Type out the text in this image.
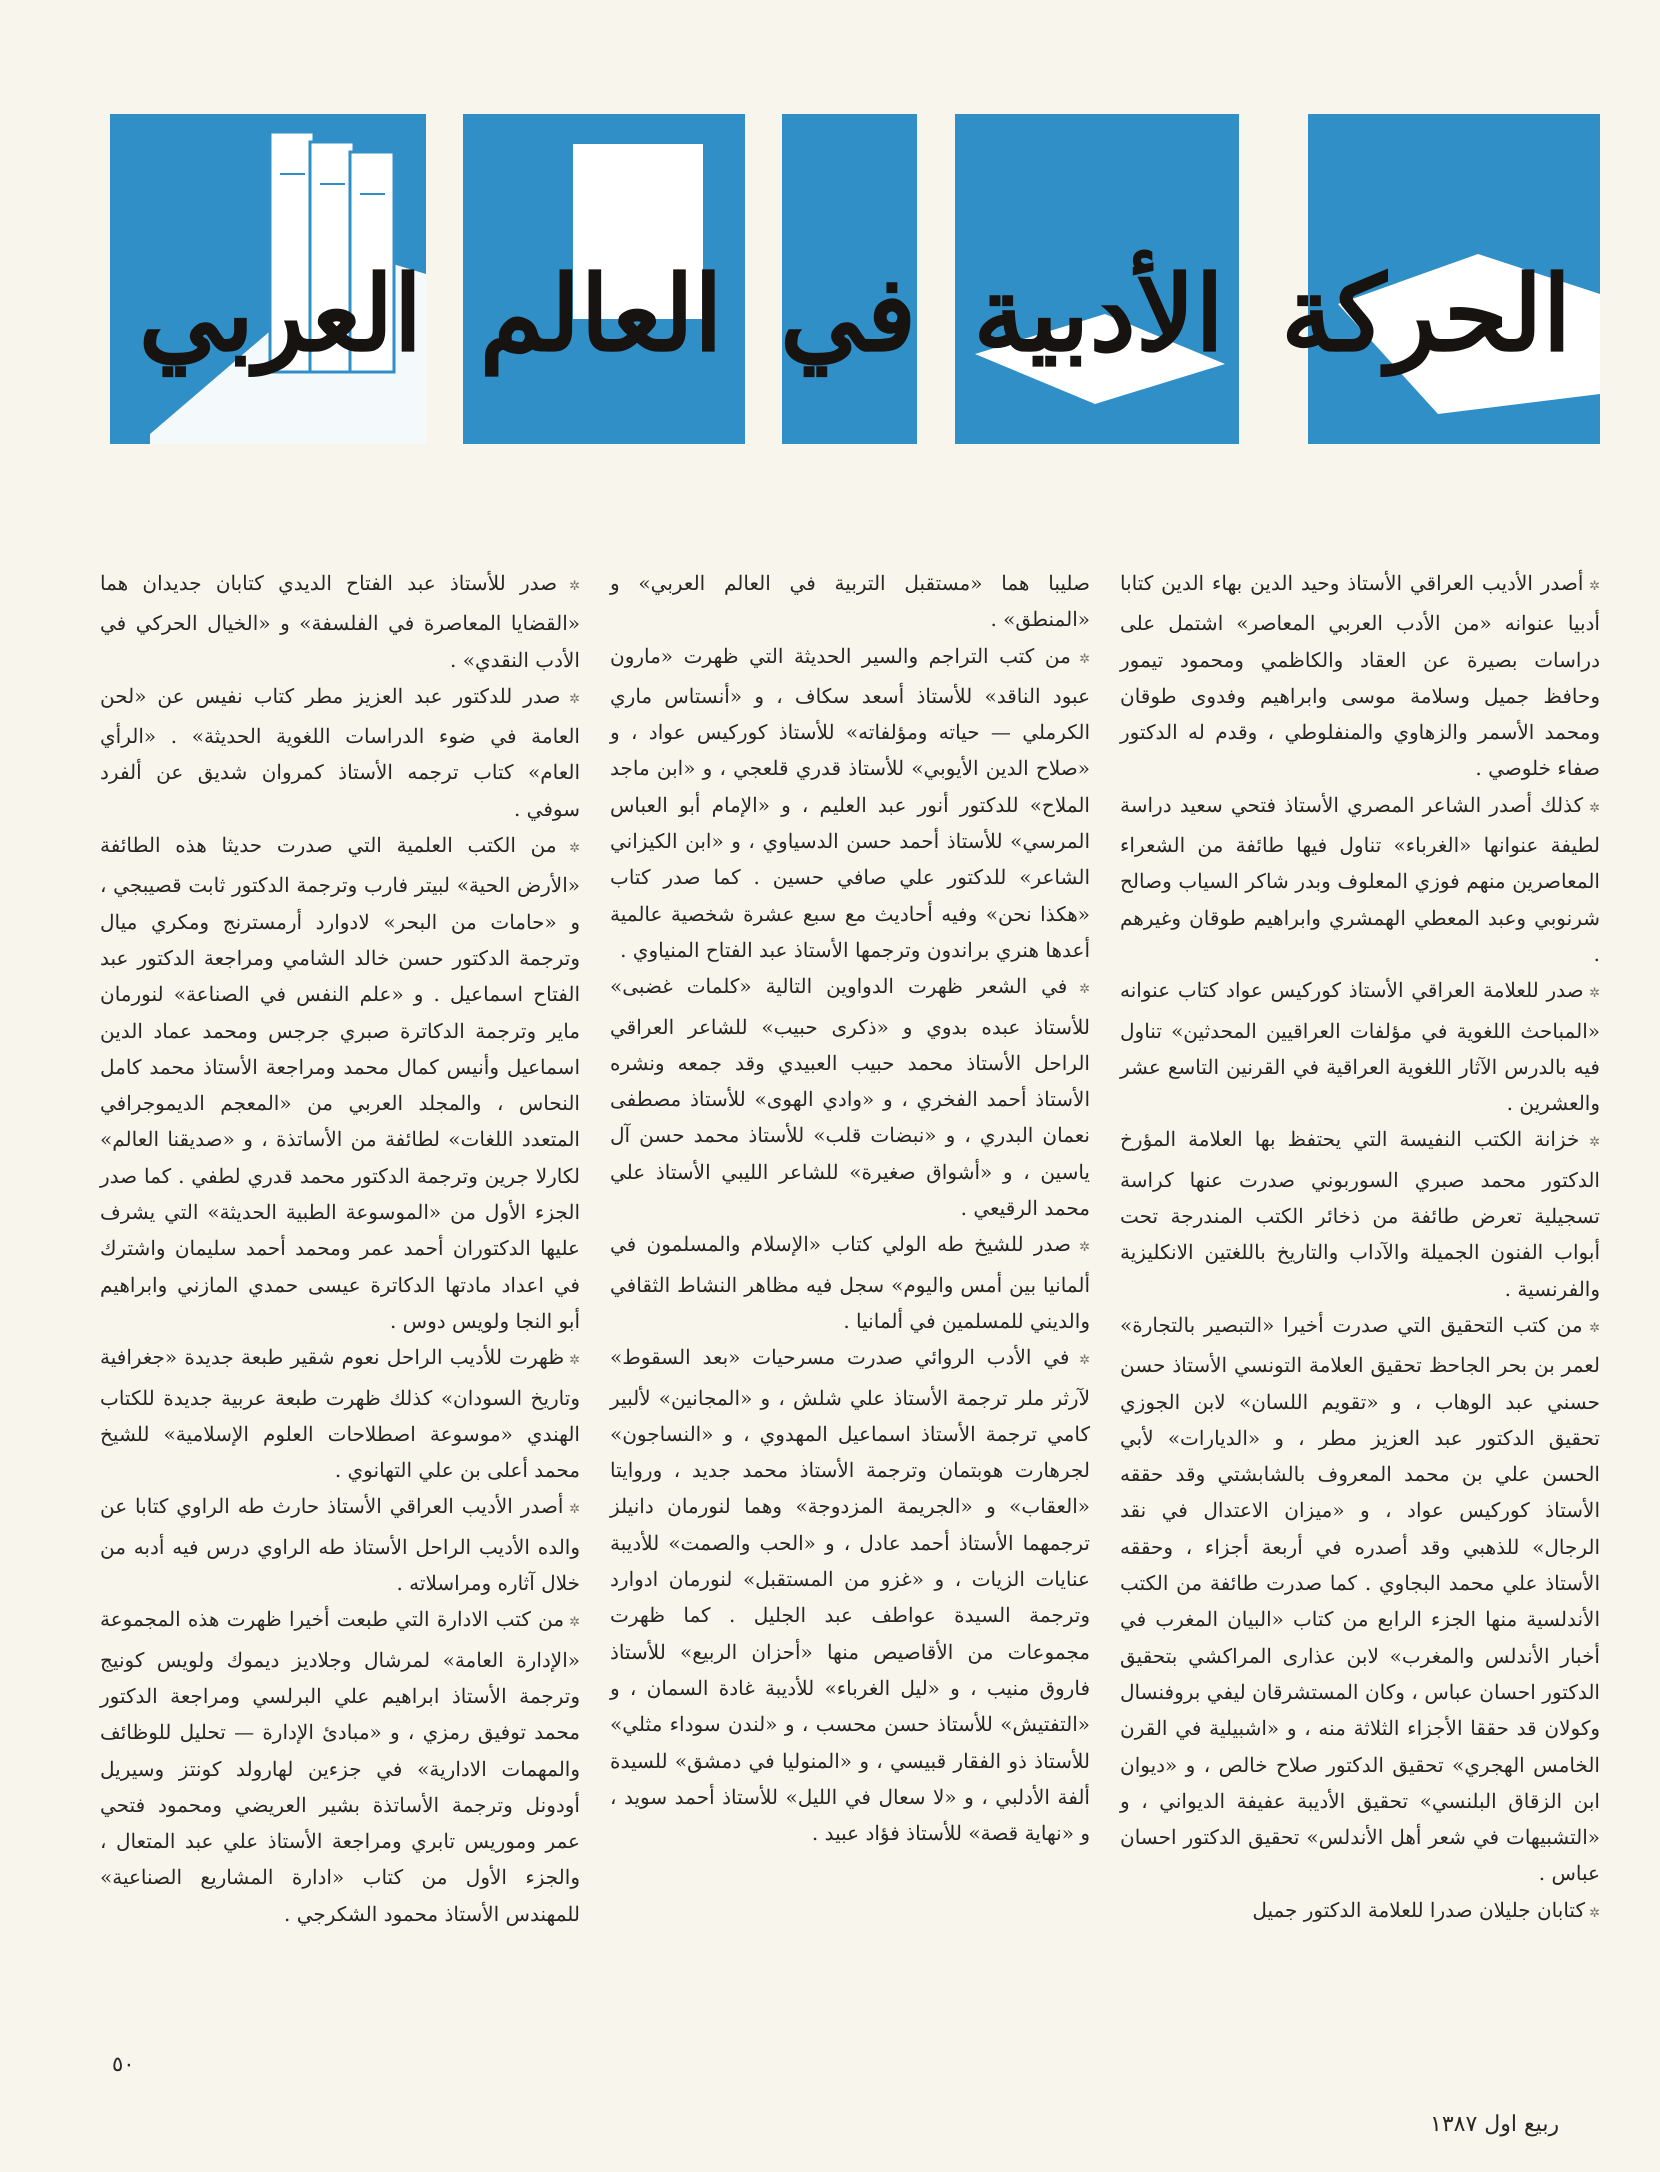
الحركة
الأدبية
في
العالم
العربي

✲ أصدر الأديب العراقي الأستاذ وحيد الدين بهاء الدين كتابا أدبيا عنوانه «من الأدب العربي المعاصر» اشتمل على دراسات بصيرة عن العقاد والكاظمي ومحمود تيمور وحافظ جميل وسلامة موسى وابراهيم وفدوى طوقان ومحمد الأسمر والزهاوي والمنفلوطي ، وقدم له الدكتور صفاء خلوصي .

✲ كذلك أصدر الشاعر المصري الأستاذ فتحي سعيد دراسة لطيفة عنوانها «الغرباء» تناول فيها طائفة من الشعراء المعاصرين منهم فوزي المعلوف وبدر شاكر السياب وصالح شرنوبي وعبد المعطي الهمشري وابراهيم طوقان وغيرهم .

✲ صدر للعلامة العراقي الأستاذ كوركيس عواد كتاب عنوانه «المباحث اللغوية في مؤلفات العراقيين المحدثين» تناول فيه بالدرس الآثار اللغوية العراقية في القرنين التاسع عشر والعشرين .

✲ خزانة الكتب النفيسة التي يحتفظ بها العلامة المؤرخ الدكتور محمد صبري السوربوني صدرت عنها كراسة تسجيلية تعرض طائفة من ذخائر الكتب المندرجة تحت أبواب الفنون الجميلة والآداب والتاريخ باللغتين الانكليزية والفرنسية .

✲ من كتب التحقيق التي صدرت أخيرا «التبصير بالتجارة» لعمر بن بحر الجاحظ تحقيق العلامة التونسي الأستاذ حسن حسني عبد الوهاب ، و «تقويم اللسان» لابن الجوزي تحقيق الدكتور عبد العزيز مطر ، و «الديارات» لأبي الحسن علي بن محمد المعروف بالشابشتي وقد حققه الأستاذ كوركيس عواد ، و «ميزان الاعتدال في نقد الرجال» للذهبي وقد أصدره في أربعة أجزاء ، وحققه الأستاذ علي محمد البجاوي . كما صدرت طائفة من الكتب الأندلسية منها الجزء الرابع من كتاب «البيان المغرب في أخبار الأندلس والمغرب» لابن عذارى المراكشي بتحقيق الدكتور احسان عباس ، وكان المستشرقان ليفي بروفنسال وكولان قد حققا الأجزاء الثلاثة منه ، و «اشبيلية في القرن الخامس الهجري» تحقيق الدكتور صلاح خالص ، و «ديوان ابن الزقاق البلنسي» تحقيق الأديبة عفيفة الديواني ، و «التشبيهات في شعر أهل الأندلس» تحقيق الدكتور احسان عباس .

✲ كتابان جليلان صدرا للعلامة الدكتور جميل

صليبا هما «مستقبل التربية في العالم العربي» و «المنطق» .

✲ من كتب التراجم والسير الحديثة التي ظهرت «مارون عبود الناقد» للأستاذ أسعد سكاف ، و «أنستاس ماري الكرملي — حياته ومؤلفاته» للأستاذ كوركيس عواد ، و «صلاح الدين الأيوبي» للأستاذ قدري قلعجي ، و «ابن ماجد الملاح» للدكتور أنور عبد العليم ، و «الإمام أبو العباس المرسي» للأستاذ أحمد حسن الدسياوي ، و «ابن الكيزاني الشاعر» للدكتور علي صافي حسين . كما صدر كتاب «هكذا نحن» وفيه أحاديث مع سبع عشرة شخصية عالمية أعدها هنري براندون وترجمها الأستاذ عبد الفتاح المنياوي .

✲ في الشعر ظهرت الدواوين التالية «كلمات غضبى» للأستاذ عبده بدوي و «ذكرى حبيب» للشاعر العراقي الراحل الأستاذ محمد حبيب العبيدي وقد جمعه ونشره الأستاذ أحمد الفخري ، و «وادي الهوى» للأستاذ مصطفى نعمان البدري ، و «نبضات قلب» للأستاذ محمد حسن آل ياسين ، و «أشواق صغيرة» للشاعر الليبي الأستاذ علي محمد الرقيعي .

✲ صدر للشيخ طه الولي كتاب «الإسلام والمسلمون في ألمانيا بين أمس واليوم» سجل فيه مظاهر النشاط الثقافي والديني للمسلمين في ألمانيا .

✲ في الأدب الروائي صدرت مسرحيات «بعد السقوط» لآرثر ملر ترجمة الأستاذ علي شلش ، و «المجانين» لألبير كامي ترجمة الأستاذ اسماعيل المهدوي ، و «النساجون» لجرهارت هوبتمان وترجمة الأستاذ محمد جديد ، وروايتا «العقاب» و «الجريمة المزدوجة» وهما لنورمان دانيلز ترجمهما الأستاذ أحمد عادل ، و «الحب والصمت» للأديبة عنايات الزيات ، و «غزو من المستقبل» لنورمان ادوارد وترجمة السيدة عواطف عبد الجليل . كما ظهرت مجموعات من الأقاصيص منها «أحزان الربيع» للأستاذ فاروق منيب ، و «ليل الغرباء» للأديبة غادة السمان ، و «التفتيش» للأستاذ حسن محسب ، و «لندن سوداء مثلي» للأستاذ ذو الفقار قبيسي ، و «المنوليا في دمشق» للسيدة ألفة الأدلبي ، و «لا سعال في الليل» للأستاذ أحمد سويد ، و «نهاية قصة» للأستاذ فؤاد عبيد .

✲ صدر للأستاذ عبد الفتاح الديدي كتابان جديدان هما «القضايا المعاصرة في الفلسفة» و «الخيال الحركي في الأدب النقدي» .

✲ صدر للدكتور عبد العزيز مطر كتاب نفيس عن «لحن العامة في ضوء الدراسات اللغوية الحديثة» . «الرأي العام» كتاب ترجمه الأستاذ كمروان شديق عن ألفرد سوفي .

✲ من الكتب العلمية التي صدرت حديثا هذه الطائفة «الأرض الحية» لبيتر فارب وترجمة الدكتور ثابت قصيبجي ، و «حامات من البحر» لادوارد أرمسترنج ومكري ميال وترجمة الدكتور حسن خالد الشامي ومراجعة الدكتور عبد الفتاح اسماعيل . و «علم النفس في الصناعة» لنورمان ماير وترجمة الدكاترة صبري جرجس ومحمد عماد الدين اسماعيل وأنيس كمال محمد ومراجعة الأستاذ محمد كامل النحاس ، والمجلد العربي من «المعجم الديموجرافي المتعدد اللغات» لطائفة من الأساتذة ، و «صديقنا العالم» لكارلا جرين وترجمة الدكتور محمد قدري لطفي . كما صدر الجزء الأول من «الموسوعة الطبية الحديثة» التي يشرف عليها الدكتوران أحمد عمر ومحمد أحمد سليمان واشترك في اعداد مادتها الدكاترة عيسى حمدي المازني وابراهيم أبو النجا ولويس دوس .

✲ ظهرت للأديب الراحل نعوم شقير طبعة جديدة «جغرافية وتاريخ السودان» كذلك ظهرت طبعة عربية جديدة للكتاب الهندي «موسوعة اصطلاحات العلوم الإسلامية» للشيخ محمد أعلى بن علي التهانوي .

✲ أصدر الأديب العراقي الأستاذ حارث طه الراوي كتابا عن والده الأديب الراحل الأستاذ طه الراوي درس فيه أدبه من خلال آثاره ومراسلاته .

✲ من كتب الادارة التي طبعت أخيرا ظهرت هذه المجموعة «الإدارة العامة» لمرشال وجلاديز ديموك ولويس كونيج وترجمة الأستاذ ابراهيم علي البرلسي ومراجعة الدكتور محمد توفيق رمزي ، و «مبادئ الإدارة — تحليل للوظائف والمهمات الادارية» في جزءين لهارولد كونتز وسيريل أودونل وترجمة الأساتذة بشير العريضي ومحمود فتحي عمر وموريس تابري ومراجعة الأستاذ علي عبد المتعال ، والجزء الأول من كتاب «ادارة المشاريع الصناعية» للمهندس الأستاذ محمود الشكرجي .

٥٠
ربيع اول ١٣٨٧
